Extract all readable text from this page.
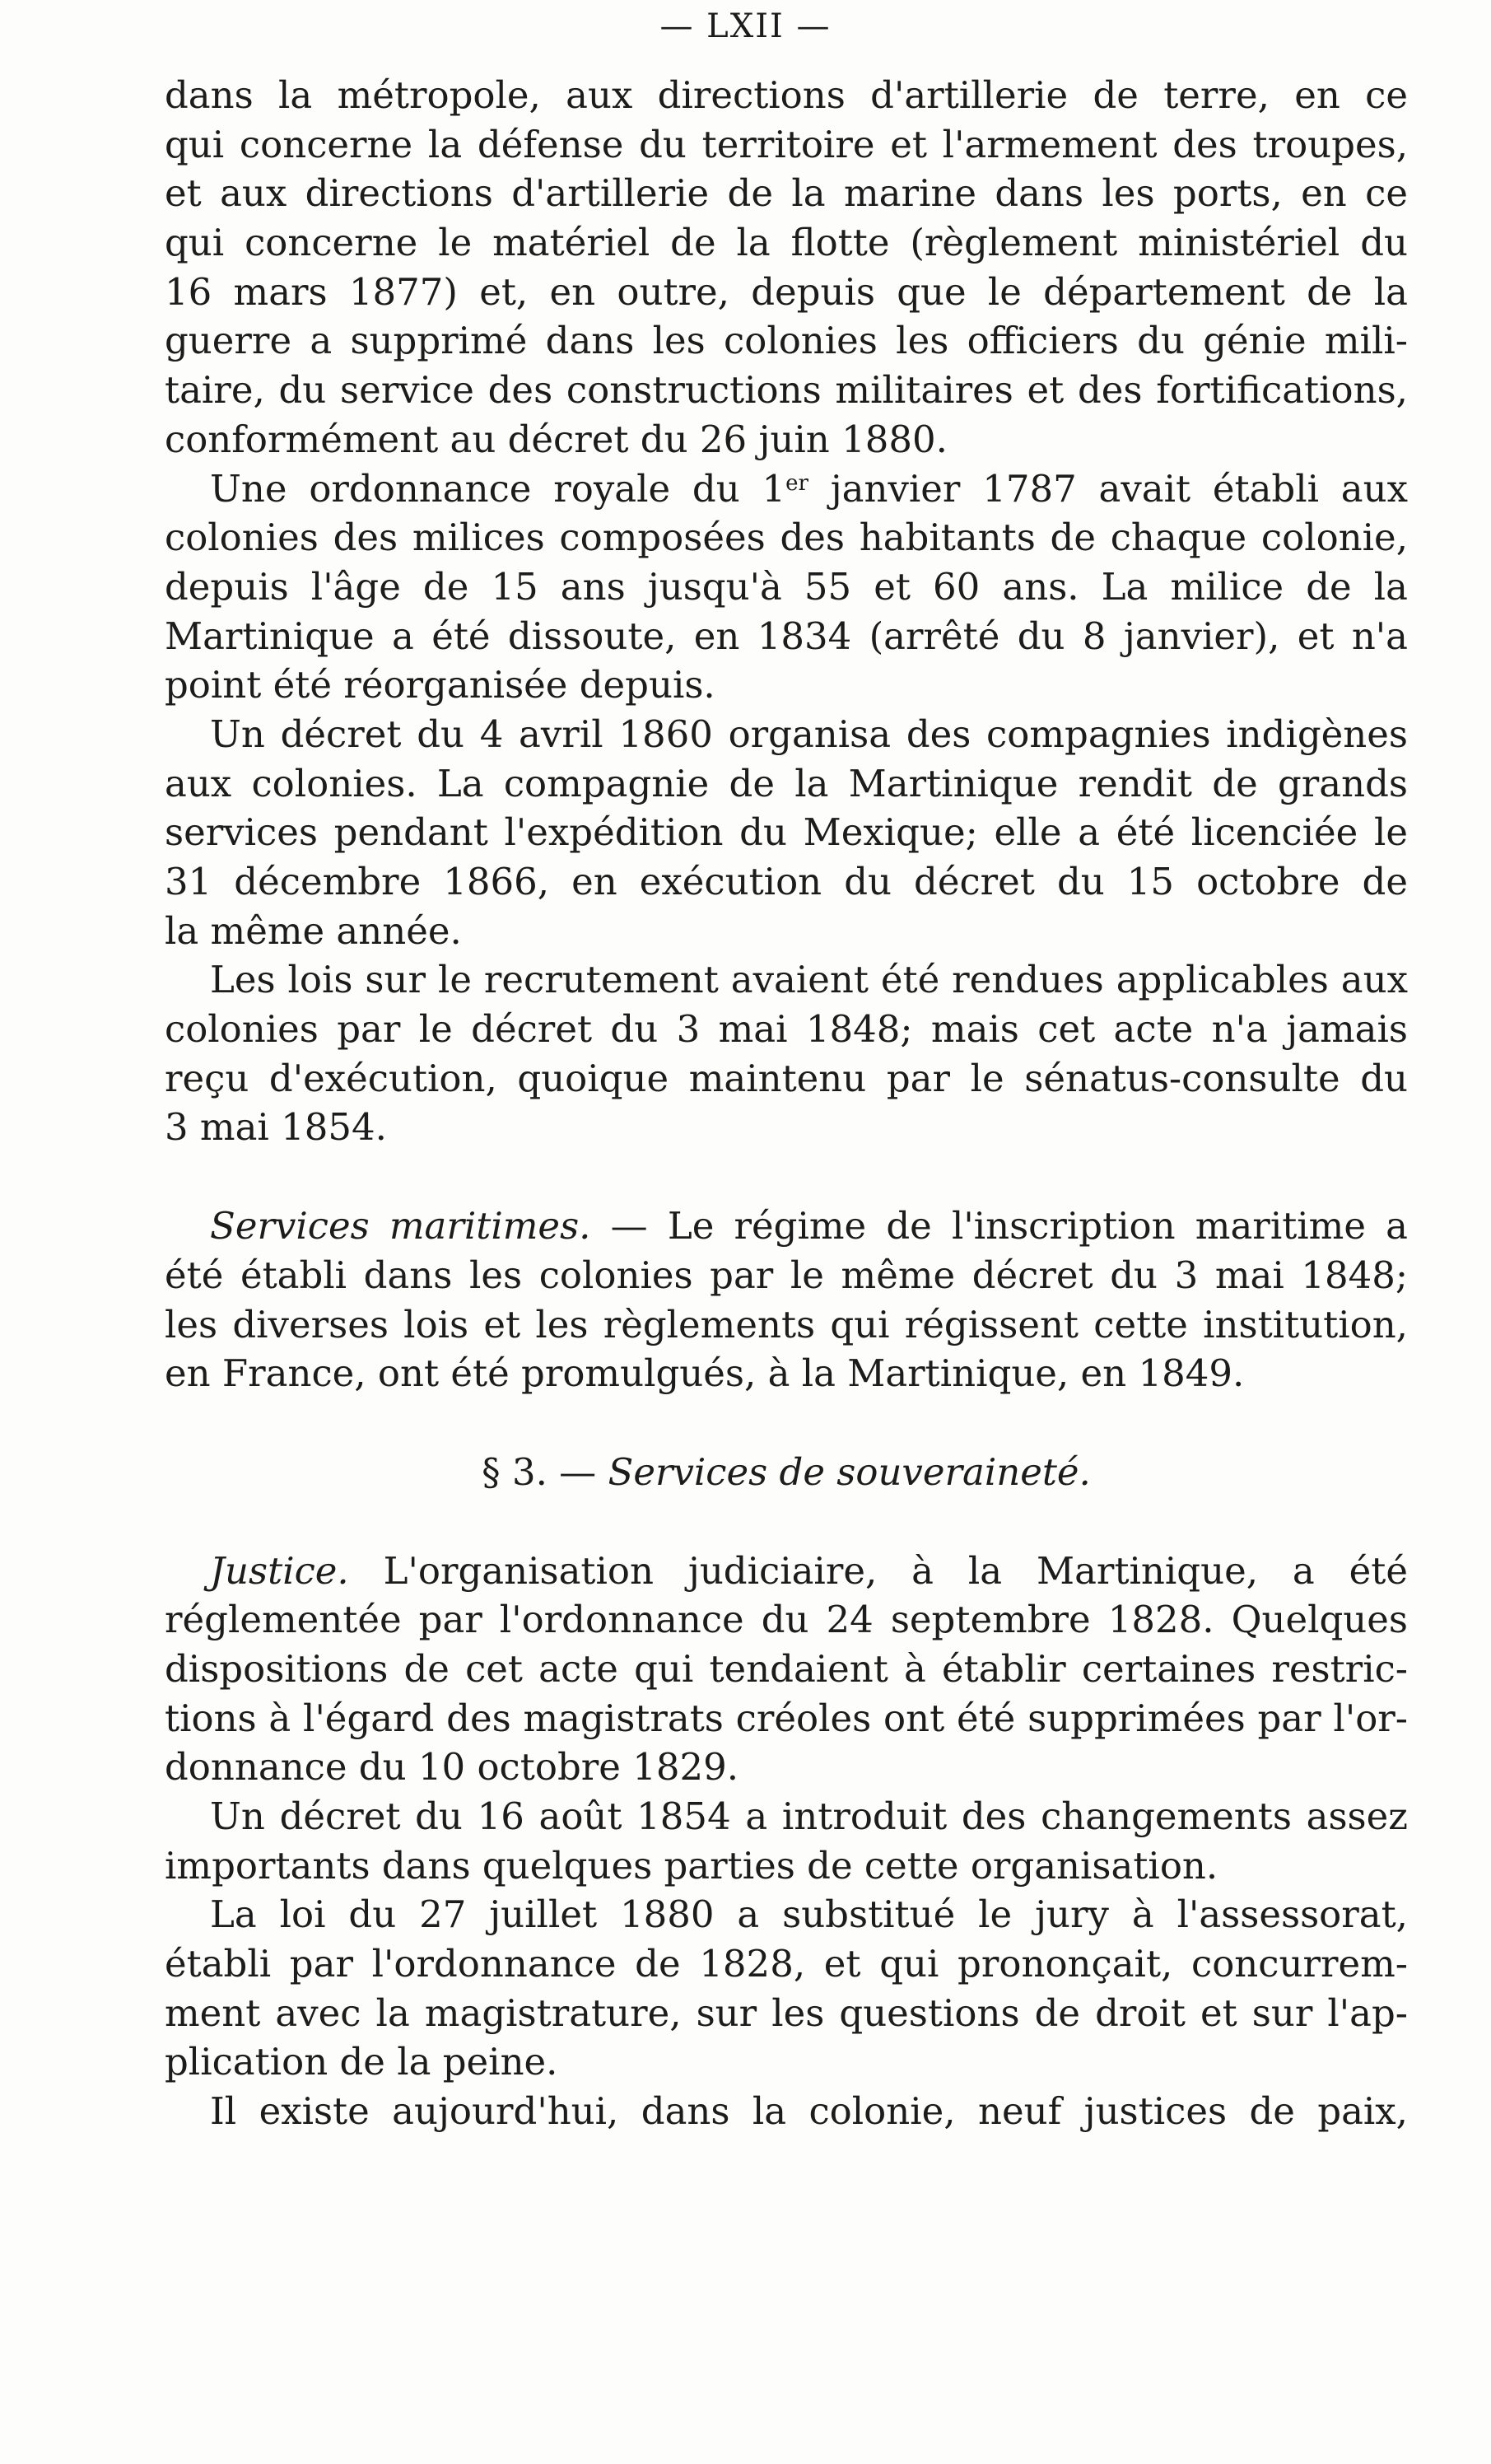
— LXII —
dans la métropole, aux directions d'artillerie de terre, en ce
qui concerne la défense du territoire et l'armement des troupes,
et aux directions d'artillerie de la marine dans les ports, en ce
qui concerne le matériel de la flotte (règlement ministériel du
16 mars 1877) et, en outre, depuis que le département de la
guerre a supprimé dans les colonies les officiers du génie mili-
taire, du service des constructions militaires et des fortifications,
conformément au décret du 26 juin 1880.
Une ordonnance royale du 1er janvier 1787 avait établi aux
colonies des milices composées des habitants de chaque colonie,
depuis l'âge de 15 ans jusqu'à 55 et 60 ans. La milice de la
Martinique a été dissoute, en 1834 (arrêté du 8 janvier), et n'a
point été réorganisée depuis.
Un décret du 4 avril 1860 organisa des compagnies indigènes
aux colonies. La compagnie de la Martinique rendit de grands
services pendant l'expédition du Mexique; elle a été licenciée le
31 décembre 1866, en exécution du décret du 15 octobre de
la même année.
Les lois sur le recrutement avaient été rendues applicables aux
colonies par le décret du 3 mai 1848; mais cet acte n'a jamais
reçu d'exécution, quoique maintenu par le sénatus-consulte du
3 mai 1854.
Services maritimes. — Le régime de l'inscription maritime a
été établi dans les colonies par le même décret du 3 mai 1848;
les diverses lois et les règlements qui régissent cette institution,
en France, ont été promulgués, à la Martinique, en 1849.
§ 3. — Services de souveraineté.
Justice. L'organisation judiciaire, à la Martinique, a été
réglementée par l'ordonnance du 24 septembre 1828. Quelques
dispositions de cet acte qui tendaient à établir certaines restric-
tions à l'égard des magistrats créoles ont été supprimées par l'or-
donnance du 10 octobre 1829.
Un décret du 16 août 1854 a introduit des changements assez
importants dans quelques parties de cette organisation.
La loi du 27 juillet 1880 a substitué le jury à l'assessorat,
établi par l'ordonnance de 1828, et qui prononçait, concurrem-
ment avec la magistrature, sur les questions de droit et sur l'ap-
plication de la peine.
Il existe aujourd'hui, dans la colonie, neuf justices de paix,
